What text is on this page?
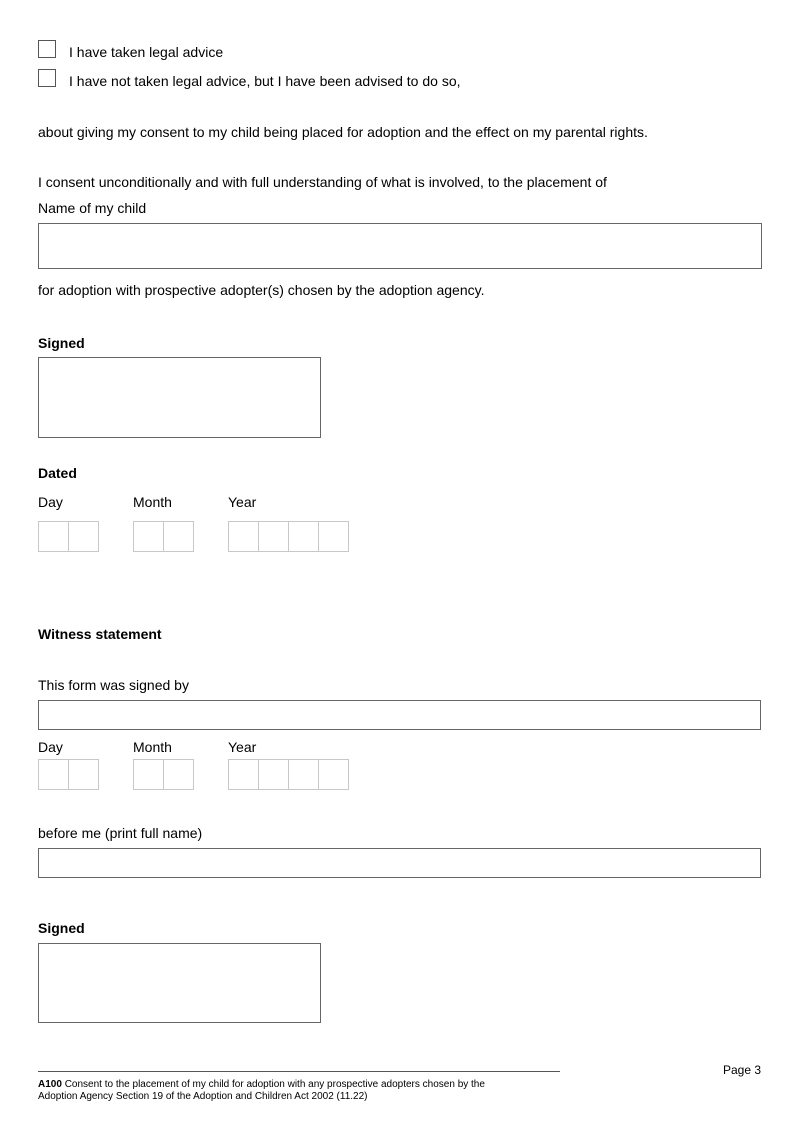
I have taken legal advice
I have not taken legal advice, but I have been advised to do so,
about giving my consent to my child being placed for adoption and the effect on my parental rights.
I consent unconditionally and with full understanding of what is involved, to the placement of
Name of my child
for adoption with prospective adopter(s) chosen by the adoption agency.
Signed
Dated
Day	Month	Year
Witness statement
This form was signed by
Day	Month	Year
before me (print full name)
Signed
Page 3
A100 Consent to the placement of my child for adoption with any prospective adopters chosen by the
Adoption Agency Section 19 of the Adoption and Children Act 2002 (11.22)
